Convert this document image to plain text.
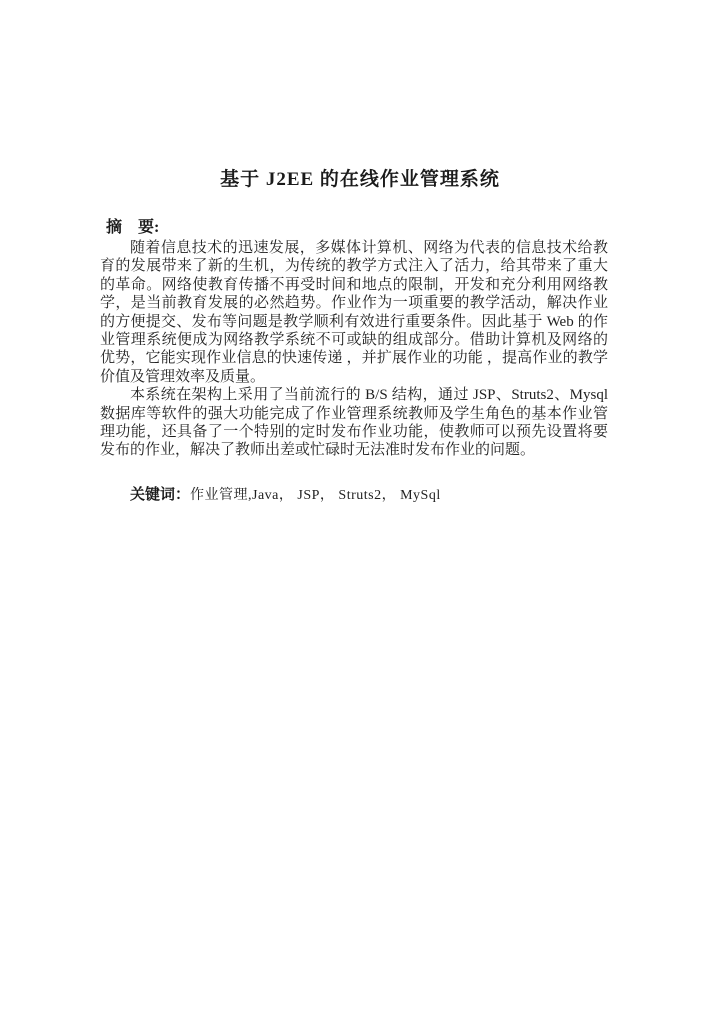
基于 J2EE 的在线作业管理系统
摘　要:

随着信息技术的迅速发展，多媒体计算机、网络为代表的信息技术给教育的发展带来了新的生机，为传统的教学方式注入了活力，给其带来了重大的革命。网络使教育传播不再受时间和地点的限制，开发和充分利用网络教学，是当前教育发展的必然趋势。作业作为一项重要的教学活动，解决作业的方便提交、发布等问题是教学顺利有效进行重要条件。因此基于 Web 的作业管理系统便成为网络教学系统不可或缺的组成部分。借助计算机及网络的优势，它能实现作业信息的快速传递 ，并扩展作业的功能 ，提高作业的教学价值及管理效率及质量。

本系统在架构上采用了当前流行的 B/S 结构，通过 JSP、Struts2、Mysql数据库等软件的强大功能完成了作业管理系统教师及学生角色的基本作业管理功能，还具备了一个特别的定时发布作业功能，使教师可以预先设置将要发布的作业，解决了教师出差或忙碌时无法准时发布作业的问题。

关键词：作业管理,Java， JSP， Struts2， MySql
